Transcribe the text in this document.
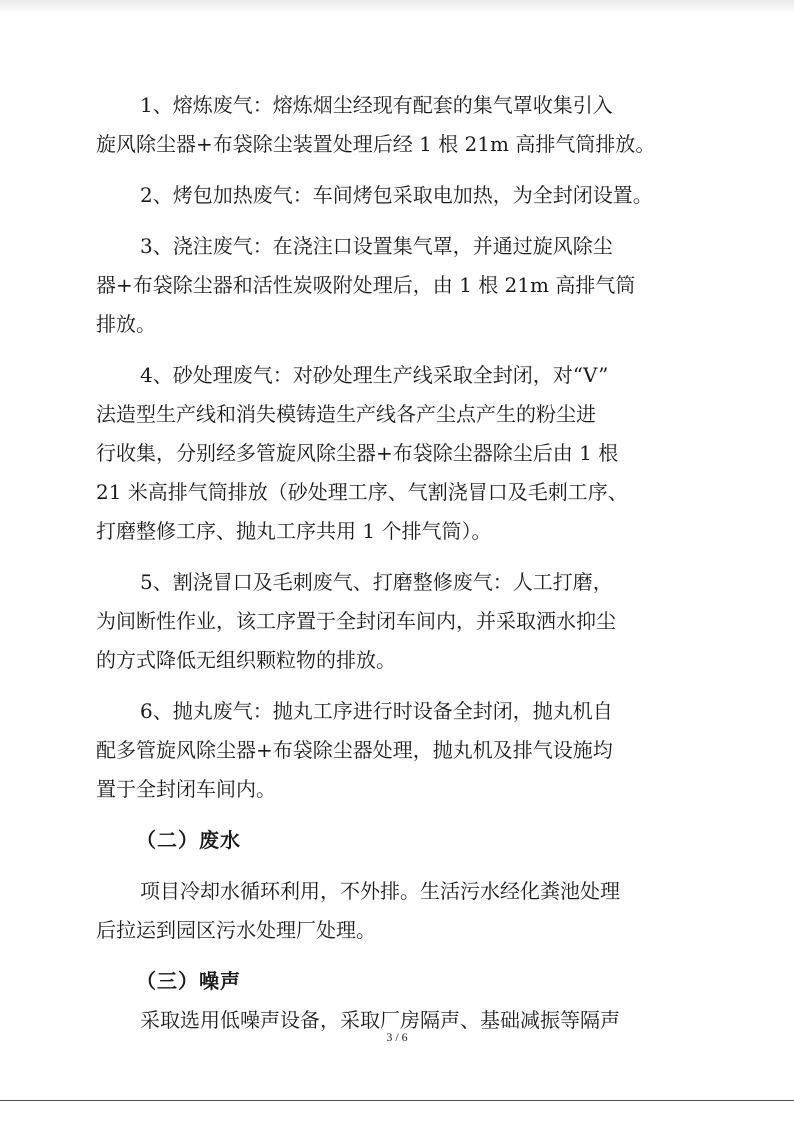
1、熔炼废气：熔炼烟尘经现有配套的集气罩收集引入

旋风除尘器+布袋除尘装置处理后经 1 根 21m 高排气筒排放。

2、烤包加热废气：车间烤包采取电加热，为全封闭设置。

3、浇注废气：在浇注口设置集气罩，并通过旋风除尘

器+布袋除尘器和活性炭吸附处理后，由 1 根 21m 高排气筒

排放。

4、砂处理废气：对砂处理生产线采取全封闭，对“V”

法造型生产线和消失模铸造生产线各产尘点产生的粉尘进

行收集，分别经多管旋风除尘器+布袋除尘器除尘后由 1 根

21 米高排气筒排放（砂处理工序、气割浇冒口及毛刺工序、

打磨整修工序、抛丸工序共用 1 个排气筒）。

5、割浇冒口及毛刺废气、打磨整修废气：人工打磨，

为间断性作业，该工序置于全封闭车间内，并采取洒水抑尘

的方式降低无组织颗粒物的排放。

6、抛丸废气：抛丸工序进行时设备全封闭，抛丸机自

配多管旋风除尘器+布袋除尘器处理，抛丸机及排气设施均

置于全封闭车间内。

（二）废水

项目冷却水循环利用，不外排。生活污水经化粪池处理

后拉运到园区污水处理厂处理。

（三）噪声

采取选用低噪声设备，采取厂房隔声、基础减振等隔声

3 / 6
